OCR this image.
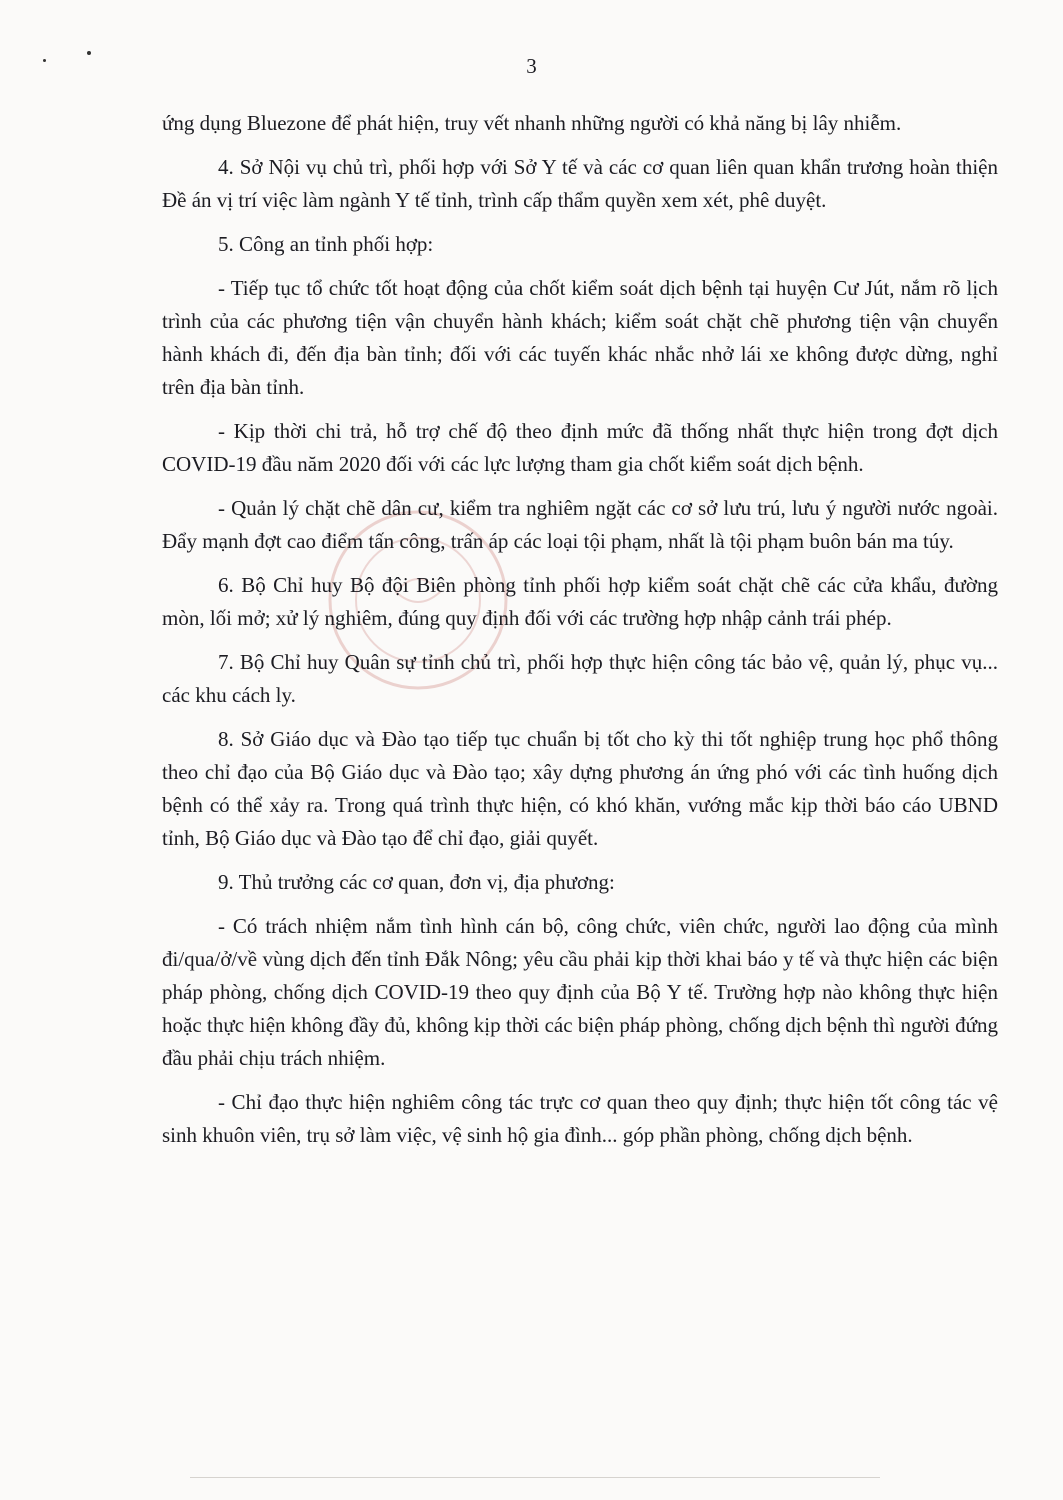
3

ứng dụng Bluezone để phát hiện, truy vết nhanh những người có khả năng bị lây nhiễm.

4. Sở Nội vụ chủ trì, phối hợp với Sở Y tế và các cơ quan liên quan khẩn trương hoàn thiện Đề án vị trí việc làm ngành Y tế tỉnh, trình cấp thẩm quyền xem xét, phê duyệt.

5. Công an tỉnh phối hợp:

- Tiếp tục tổ chức tốt hoạt động của chốt kiểm soát dịch bệnh tại huyện Cư Jút, nắm rõ lịch trình của các phương tiện vận chuyển hành khách; kiểm soát chặt chẽ phương tiện vận chuyển hành khách đi, đến địa bàn tỉnh; đối với các tuyến khác nhắc nhở lái xe không được dừng, nghỉ trên địa bàn tỉnh.

- Kịp thời chi trả, hỗ trợ chế độ theo định mức đã thống nhất thực hiện trong đợt dịch COVID-19 đầu năm 2020 đối với các lực lượng tham gia chốt kiểm soát dịch bệnh.

- Quản lý chặt chẽ dân cư, kiểm tra nghiêm ngặt các cơ sở lưu trú, lưu ý người nước ngoài. Đẩy mạnh đợt cao điểm tấn công, trấn áp các loại tội phạm, nhất là tội phạm buôn bán ma túy.

6. Bộ Chỉ huy Bộ đội Biên phòng tỉnh phối hợp kiểm soát chặt chẽ các cửa khẩu, đường mòn, lối mở; xử lý nghiêm, đúng quy định đối với các trường hợp nhập cảnh trái phép.

7. Bộ Chỉ huy Quân sự tỉnh chủ trì, phối hợp thực hiện công tác bảo vệ, quản lý, phục vụ... các khu cách ly.

8. Sở Giáo dục và Đào tạo tiếp tục chuẩn bị tốt cho kỳ thi tốt nghiệp trung học phổ thông theo chỉ đạo của Bộ Giáo dục và Đào tạo; xây dựng phương án ứng phó với các tình huống dịch bệnh có thể xảy ra. Trong quá trình thực hiện, có khó khăn, vướng mắc kịp thời báo cáo UBND tỉnh, Bộ Giáo dục và Đào tạo để chỉ đạo, giải quyết.

9. Thủ trưởng các cơ quan, đơn vị, địa phương:

- Có trách nhiệm nắm tình hình cán bộ, công chức, viên chức, người lao động của mình đi/qua/ở/về vùng dịch đến tỉnh Đắk Nông; yêu cầu phải kịp thời khai báo y tế và thực hiện các biện pháp phòng, chống dịch COVID-19 theo quy định của Bộ Y tế. Trường hợp nào không thực hiện hoặc thực hiện không đầy đủ, không kịp thời các biện pháp phòng, chống dịch bệnh thì người đứng đầu phải chịu trách nhiệm.

- Chỉ đạo thực hiện nghiêm công tác trực cơ quan theo quy định; thực hiện tốt công tác vệ sinh khuôn viên, trụ sở làm việc, vệ sinh hộ gia đình... góp phần phòng, chống dịch bệnh.
